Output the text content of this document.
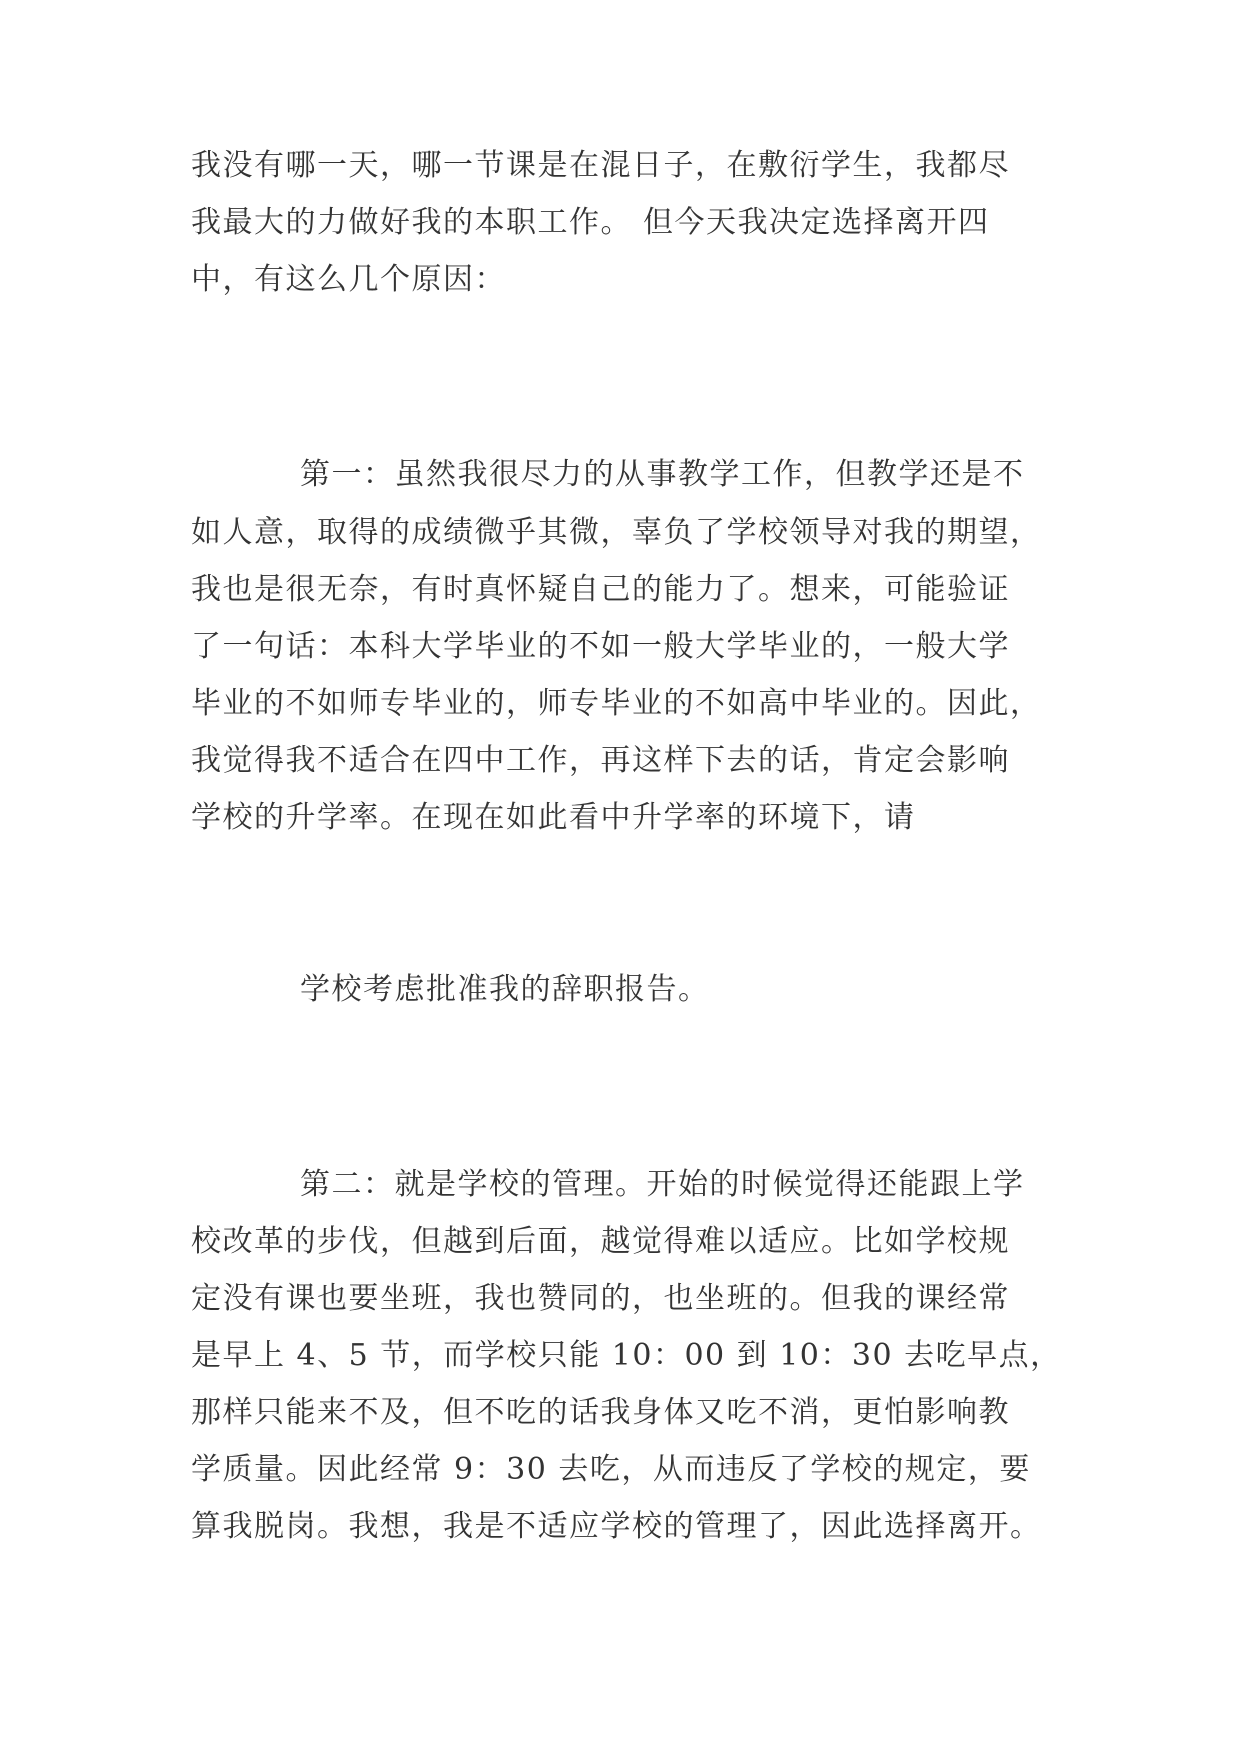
我没有哪一天，哪一节课是在混日子，在敷衍学生，我都尽
我最大的力做好我的本职工作。 但今天我决定选择离开四
中，有这么几个原因：
第一：虽然我很尽力的从事教学工作，但教学还是不
如人意，取得的成绩微乎其微，辜负了学校领导对我的期望，
我也是很无奈，有时真怀疑自己的能力了。想来，可能验证
了一句话：本科大学毕业的不如一般大学毕业的，一般大学
毕业的不如师专毕业的，师专毕业的不如高中毕业的。因此，
我觉得我不适合在四中工作，再这样下去的话，肯定会影响
学校的升学率。在现在如此看中升学率的环境下，请
学校考虑批准我的辞职报告。
第二：就是学校的管理。开始的时候觉得还能跟上学
校改革的步伐，但越到后面，越觉得难以适应。比如学校规
定没有课也要坐班，我也赞同的，也坐班的。但我的课经常
是早上 4、5 节，而学校只能 10：00 到 10：30 去吃早点，
那样只能来不及，但不吃的话我身体又吃不消，更怕影响教
学质量。因此经常 9：30 去吃，从而违反了学校的规定，要
算我脱岗。我想，我是不适应学校的管理了，因此选择离开。
